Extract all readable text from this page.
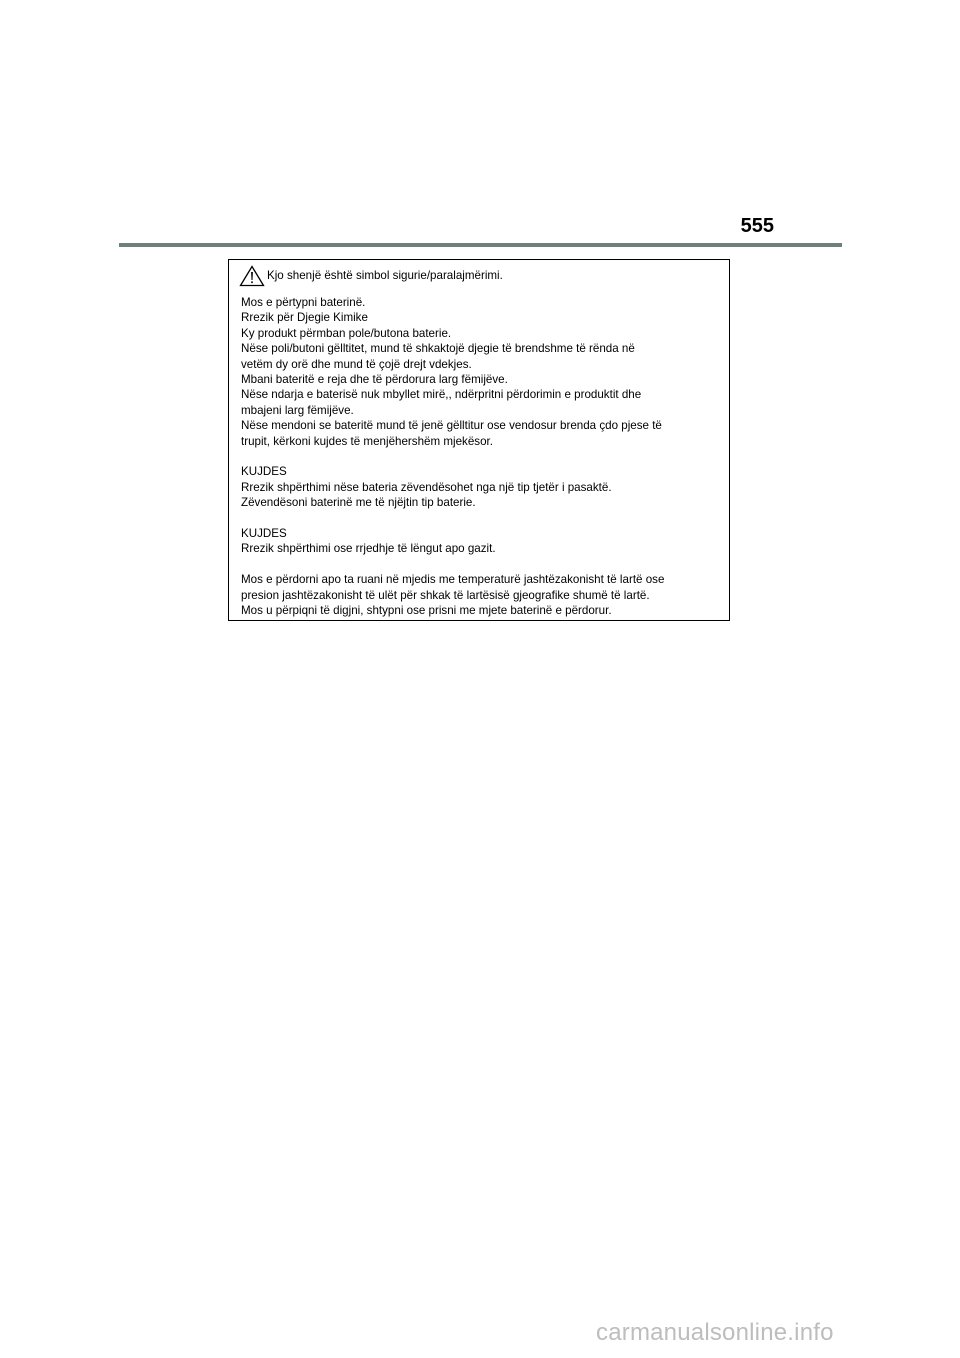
555
Kjo shenjë është simbol sigurie/paralajmërimi.
Mos e përtypni baterinë.
Rrezik për Djegie Kimike
Ky produkt përmban pole/butona baterie.
Nëse poli/butoni gëlltitet, mund të shkaktojë djegie të brendshme të rënda në
vetëm dy orë dhe mund të çojë drejt vdekjes.
Mbani bateritë e reja dhe të përdorura larg fëmijëve.
Nëse ndarja e baterisë nuk mbyllet mirë,, ndërpritni përdorimin e produktit dhe
mbajeni larg fëmijëve.
Nëse mendoni se bateritë mund të jenë gëlltitur ose vendosur brenda çdo pjese të
trupit, kërkoni kujdes të menjëhershëm mjekësor.
KUJDES
Rrezik shpërthimi nëse bateria zëvendësohet nga një tip tjetër i pasaktë.
Zëvendësoni baterinë me të njëjtin tip baterie.
KUJDES
Rrezik shpërthimi ose rrjedhje të lëngut apo gazit.
Mos e përdorni apo ta ruani në mjedis me temperaturë jashtëzakonisht të lartë ose
presion jashtëzakonisht të ulët për shkak të lartësisë gjeografike shumë të lartë.
Mos u përpiqni të digjni, shtypni ose prisni me mjete baterinë e përdorur.
carmanualsonline.info
